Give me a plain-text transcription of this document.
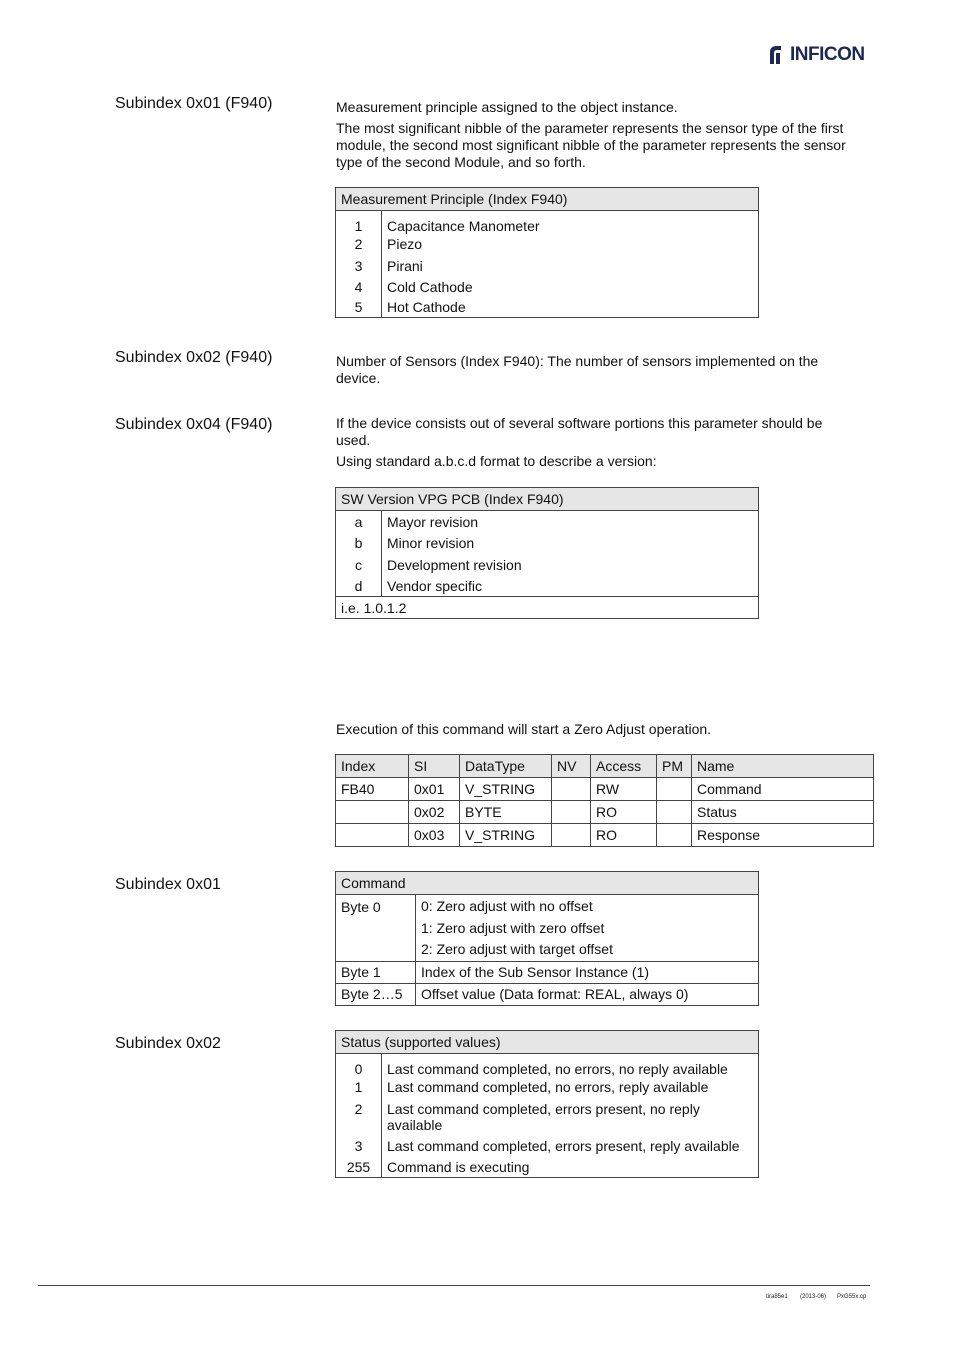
INFICON
Subindex 0x01 (F940)	Measurement principle assigned to the object instance.
The most significant nibble of the parameter represents the sensor type of the first
module, the second most significant nibble of the parameter represents the sensor
type of the second Module, and so forth.
Measurement Principle (Index F940)	
1	Capacitance Manometer
2	Piezo
3	Pirani
4	Cold Cathode
5	Hot Cathode
Subindex 0x02 (F940)	Number of Sensors (Index F940): The number of sensors implemented on the
device.
Subindex 0x04 (F940)	If the device consists out of several software portions this parameter should be
used.
Using standard a.b.c.d format to describe a version:
SW Version VPG PCB (Index F940)	
a	Mayor revision
b	Minor revision
c	Development revision
d	Vendor specific
i.e. 1.0.1.2	
Execution of this command will start a Zero Adjust operation.
Index	SI	DataType	NV	Access	PM	Name
FB40	0x01	V_STRING		RW		Command
	0x02	BYTE		RO		Status
	0x03	V_STRING		RO		Response
Subindex 0x01	Command	
Byte 0	0: Zero adjust with no offset
1: Zero adjust with zero offset
2: Zero adjust with target offset

Byte 1	Index of the Sub Sensor Instance (1)
Byte 2…5	Offset value (Data format: REAL, always 0)
Subindex 0x02	Status (supported values)	
0	Last command completed, no errors, no reply available
1	Last command completed, no errors, reply available
2	Last command completed, errors present, no reply
available

3	Last command completed, errors present, reply available
255	Command is executing
tira85e1 (2013-06) PxG55x.cp
